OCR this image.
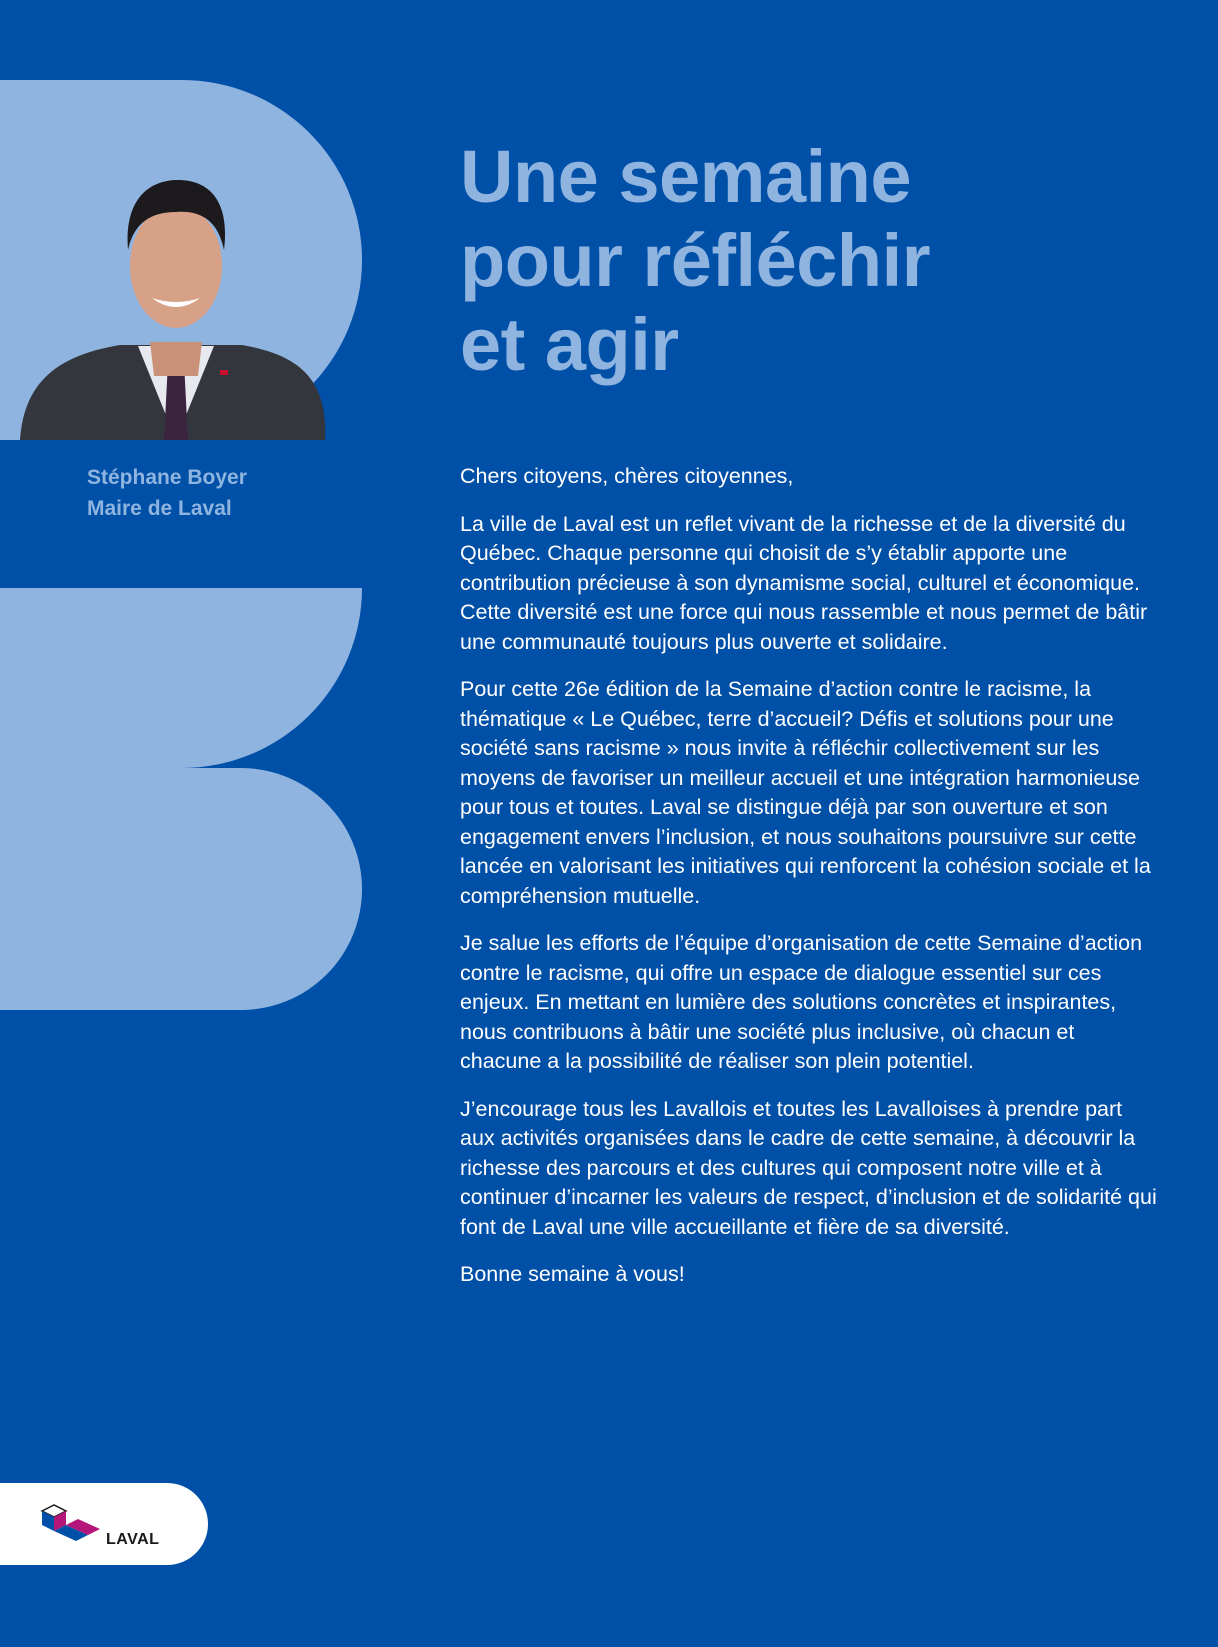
Stéphane Boyer
Maire de Laval
Une semaine
pour réfléchir
et agir

Chers citoyens, chères citoyennes,

La ville de Laval est un reflet vivant de la richesse et de la diversité du Québec. Chaque personne qui choisit de s’y établir apporte une contribution précieuse à son dynamisme social, culturel et économique. Cette diversité est une force qui nous rassemble et nous permet de bâtir une communauté toujours plus ouverte et solidaire.

Pour cette 26e édition de la Semaine d’action contre le racisme, la thématique « Le Québec, terre d’accueil? Défis et solutions pour une société sans racisme » nous invite à réfléchir collectivement sur les moyens de favoriser un meilleur accueil et une intégration harmonieuse pour tous et toutes. Laval se distingue déjà par son ouverture et son engagement envers l’inclusion, et nous souhaitons poursuivre sur cette lancée en valorisant les initiatives qui renforcent la cohésion sociale et la compréhension mutuelle.

Je salue les efforts de l’équipe d’organisation de cette Semaine d’action contre le racisme, qui offre un espace de dialogue essentiel sur ces enjeux. En mettant en lumière des solutions concrètes et inspirantes, nous contribuons à bâtir une société plus inclusive, où chacun et chacune a la possibilité de réaliser son plein potentiel.

J’encourage tous les Lavallois et toutes les Lavalloises à prendre part aux activités organisées dans le cadre de cette semaine, à découvrir la richesse des parcours et des cultures qui composent notre ville et à continuer d’incarner les valeurs de respect, d’inclusion et de solidarité qui font de Laval une ville accueillante et fière de sa diversité.

Bonne semaine à vous!

LAVAL
